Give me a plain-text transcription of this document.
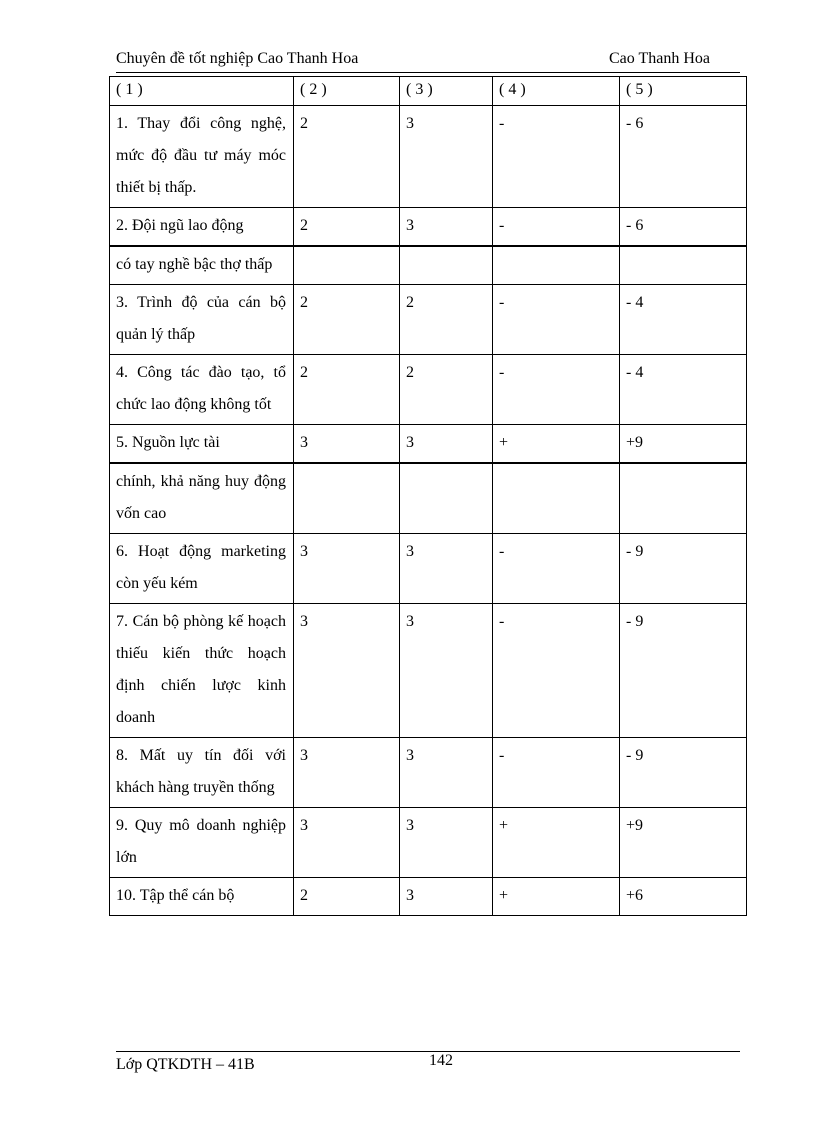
Chuyên đề tốt nghiệp Cao Thanh Hoa	Cao Thanh Hoa
( 1 )	( 2 )	( 3 )	( 4 )	( 5 )
1. Thay đổi công nghệ, mức độ đầu tư máy móc thiết bị thấp.	2	3	-	- 6
2. Đội ngũ lao động	2	3	-	- 6
có tay nghề bậc thợ thấp				
3. Trình độ của cán bộ quản lý thấp	2	2	-	- 4
4. Công tác đào tạo, tổ chức lao động không tốt	2	2	-	- 4
5. Nguồn lực tài	3	3	+	+9
chính, khả năng huy động vốn cao				
6. Hoạt động marketing còn yếu kém	3	3	-	- 9
7. Cán bộ phòng kế hoạch thiếu kiến thức hoạch định chiến lược kinh doanh	3	3	-	- 9
8. Mất uy tín đối với khách hàng truyền thống	3	3	-	- 9
9. Quy mô doanh nghiệp lớn	3	3	+	+9
10. Tập thể cán bộ	2	3	+	+6
Lớp QTKDTH – 41B	142
